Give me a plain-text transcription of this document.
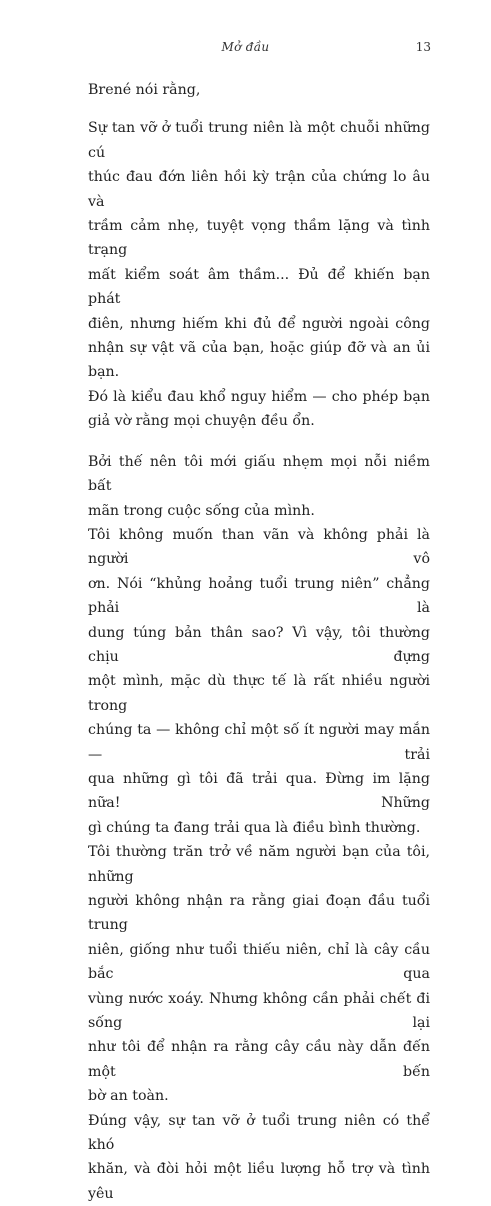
Mở đầu	13

Brené nói rằng,

Sự tan vỡ ở tuổi trung niên là một chuỗi những cú
thúc đau đớn liên hồi kỳ trận của chứng lo âu và
trầm cảm nhẹ, tuyệt vọng thầm lặng và tình trạng
mất kiểm soát âm thầm... Đủ để khiến bạn phát
điên, nhưng hiếm khi đủ để người ngoài công
nhận sự vật vã của bạn, hoặc giúp đỡ và an ủi bạn.
Đó là kiểu đau khổ nguy hiểm — cho phép bạn
giả vờ rằng mọi chuyện đều ổn.
Bởi thế nên tôi mới giấu nhẹm mọi nỗi niềm bất
mãn trong cuộc sống của mình.
Tôi không muốn than vãn và không phải là người vô
ơn. Nói “khủng hoảng tuổi trung niên” chẳng phải là
dung túng bản thân sao? Vì vậy, tôi thường chịu đựng
một mình, mặc dù thực tế là rất nhiều người trong
chúng ta — không chỉ một số ít người may mắn — trải
qua những gì tôi đã trải qua. Đừng im lặng nữa! Những
gì chúng ta đang trải qua là điều bình thường.
Tôi thường trăn trở về năm người bạn của tôi, những
người không nhận ra rằng giai đoạn đầu tuổi trung
niên, giống như tuổi thiếu niên, chỉ là cây cầu bắc qua
vùng nước xoáy. Nhưng không cần phải chết đi sống lại
như tôi để nhận ra rằng cây cầu này dẫn đến một bến
bờ an toàn.
Đúng vậy, sự tan vỡ ở tuổi trung niên có thể khó
khăn, và đòi hỏi một liều lượng hỗ trợ và tình yêu
